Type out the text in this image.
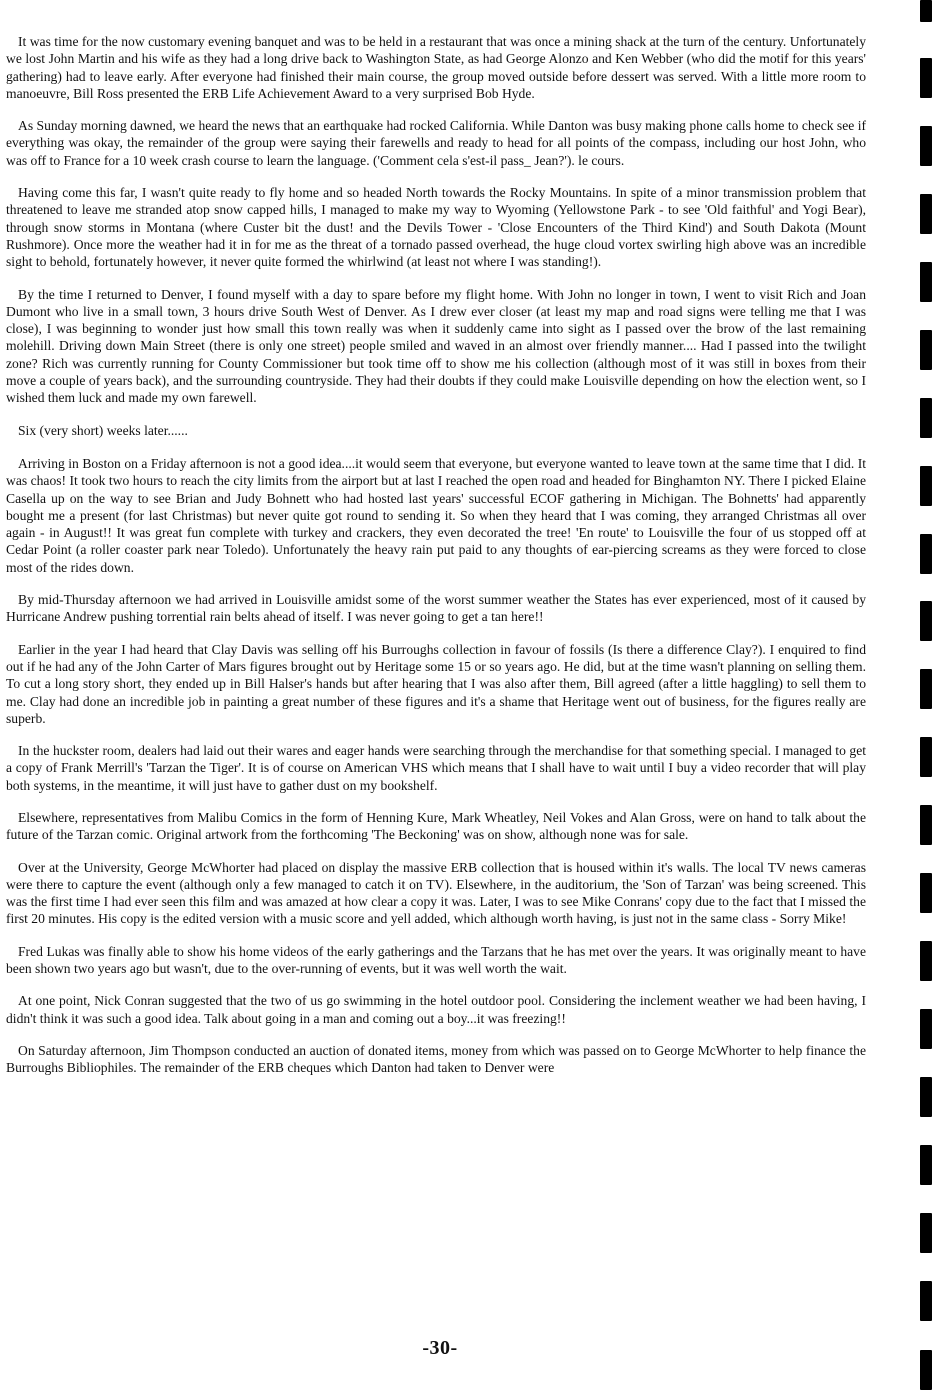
It was time for the now customary evening banquet and was to be held in a restaurant that was once a mining shack at the turn of the century. Unfortunately we lost John Martin and his wife as they had a long drive back to Washington State, as had George Alonzo and Ken Webber (who did the motif for this years' gathering) had to leave early. After everyone had finished their main course, the group moved outside before dessert was served. With a little more room to manoeuvre, Bill Ross presented the ERB Life Achievement Award to a very surprised Bob Hyde.

As Sunday morning dawned, we heard the news that an earthquake had rocked California. While Danton was busy making phone calls home to check see if everything was okay, the remainder of the group were saying their farewells and ready to head for all points of the compass, including our host John, who was off to France for a 10 week crash course to learn the language. ('Comment cela s'est-il pass_ Jean?'). le cours.

Having come this far, I wasn't quite ready to fly home and so headed North towards the Rocky Mountains. In spite of a minor transmission problem that threatened to leave me stranded atop snow capped hills, I managed to make my way to Wyoming (Yellowstone Park - to see 'Old faithful' and Yogi Bear), through snow storms in Montana (where Custer bit the dust! and the Devils Tower - 'Close Encounters of the Third Kind') and South Dakota (Mount Rushmore). Once more the weather had it in for me as the threat of a tornado passed overhead, the huge cloud vortex swirling high above was an incredible sight to behold, fortunately however, it never quite formed the whirlwind (at least not where I was standing!).

By the time I returned to Denver, I found myself with a day to spare before my flight home. With John no longer in town, I went to visit Rich and Joan Dumont who live in a small town, 3 hours drive South West of Denver. As I drew ever closer (at least my map and road signs were telling me that I was close), I was beginning to wonder just how small this town really was when it suddenly came into sight as I passed over the brow of the last remaining molehill. Driving down Main Street (there is only one street) people smiled and waved in an almost over friendly manner.... Had I passed into the twilight zone? Rich was currently running for County Commissioner but took time off to show me his collection (although most of it was still in boxes from their move a couple of years back), and the surrounding countryside. They had their doubts if they could make Louisville depending on how the election went, so I wished them luck and made my own farewell.

Six (very short) weeks later......

Arriving in Boston on a Friday afternoon is not a good idea....it would seem that everyone, but everyone wanted to leave town at the same time that I did. It was chaos! It took two hours to reach the city limits from the airport but at last I reached the open road and headed for Binghamton NY. There I picked Elaine Casella up on the way to see Brian and Judy Bohnett who had hosted last years' successful ECOF gathering in Michigan. The Bohnetts' had apparently bought me a present (for last Christmas) but never quite got round to sending it. So when they heard that I was coming, they arranged Christmas all over again - in August!! It was great fun complete with turkey and crackers, they even decorated the tree! 'En route' to Louisville the four of us stopped off at Cedar Point (a roller coaster park near Toledo). Unfortunately the heavy rain put paid to any thoughts of ear-piercing screams as they were forced to close most of the rides down.

By mid-Thursday afternoon we had arrived in Louisville amidst some of the worst summer weather the States has ever experienced, most of it caused by Hurricane Andrew pushing torrential rain belts ahead of itself. I was never going to get a tan here!!

Earlier in the year I had heard that Clay Davis was selling off his Burroughs collection in favour of fossils (Is there a difference Clay?). I enquired to find out if he had any of the John Carter of Mars figures brought out by Heritage some 15 or so years ago. He did, but at the time wasn't planning on selling them. To cut a long story short, they ended up in Bill Halser's hands but after hearing that I was also after them, Bill agreed (after a little haggling) to sell them to me. Clay had done an incredible job in painting a great number of these figures and it's a shame that Heritage went out of business, for the figures really are superb.

In the huckster room, dealers had laid out their wares and eager hands were searching through the merchandise for that something special. I managed to get a copy of Frank Merrill's 'Tarzan the Tiger'. It is of course on American VHS which means that I shall have to wait until I buy a video recorder that will play both systems, in the meantime, it will just have to gather dust on my bookshelf.

Elsewhere, representatives from Malibu Comics in the form of Henning Kure, Mark Wheatley, Neil Vokes and Alan Gross, were on hand to talk about the future of the Tarzan comic. Original artwork from the forthcoming 'The Beckoning' was on show, although none was for sale.

Over at the University, George McWhorter had placed on display the massive ERB collection that is housed within it's walls. The local TV news cameras were there to capture the event (although only a few managed to catch it on TV). Elsewhere, in the auditorium, the 'Son of Tarzan' was being screened. This was the first time I had ever seen this film and was amazed at how clear a copy it was. Later, I was to see Mike Conrans' copy due to the fact that I missed the first 20 minutes. His copy is the edited version with a music score and yell added, which although worth having, is just not in the same class - Sorry Mike!

Fred Lukas was finally able to show his home videos of the early gatherings and the Tarzans that he has met over the years. It was originally meant to have been shown two years ago but wasn't, due to the over-running of events, but it was well worth the wait.

At one point, Nick Conran suggested that the two of us go swimming in the hotel outdoor pool. Considering the inclement weather we had been having, I didn't think it was such a good idea. Talk about going in a man and coming out a boy...it was freezing!!

On Saturday afternoon, Jim Thompson conducted an auction of donated items, money from which was passed on to George McWhorter to help finance the Burroughs Bibliophiles. The remainder of the ERB cheques which Danton had taken to Denver were

-30-
